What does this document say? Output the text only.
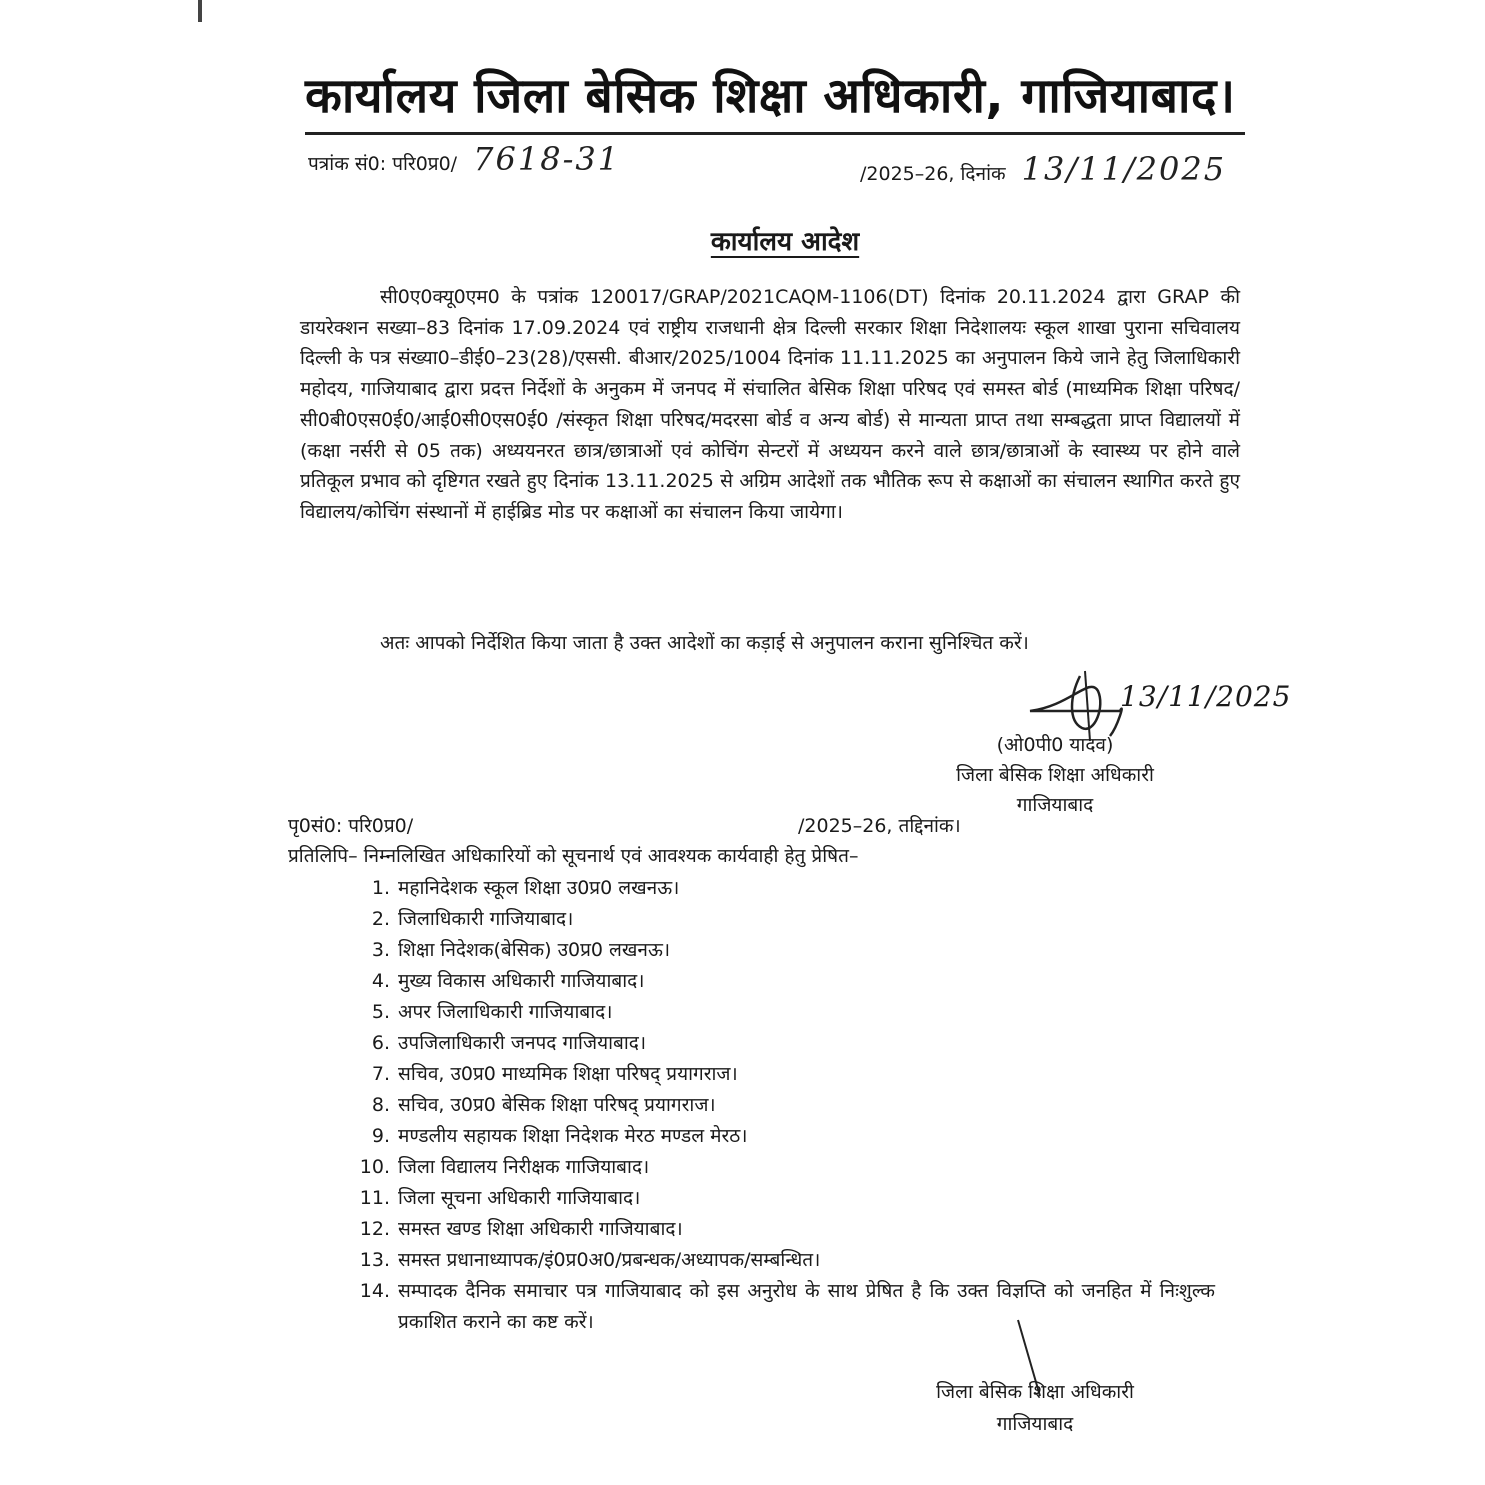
कार्यालय जिला बेसिक शिक्षा अधिकारी, गाजियाबाद।
पत्रांक सं0: परि0प्र0/ 7618-31	/2025–26, दिनांक 13/11/2025
कार्यालय आदेश

सी0ए0क्यू0एम0 के पत्रांक 120017/GRAP/2021CAQM-1106(DT) दिनांक 20.11.2024 द्वारा GRAP की डायरेक्शन सख्या–83 दिनांक 17.09.2024 एवं राष्ट्रीय राजधानी क्षेत्र दिल्ली सरकार शिक्षा निदेशालयः स्कूल शाखा पुराना सचिवालय दिल्ली के पत्र संख्या0–डीई0–23(28)/एससी. बीआर/2025/1004 दिनांक 11.11.2025 का अनुपालन किये जाने हेतु जिलाधिकारी महोदय, गाजियाबाद द्वारा प्रदत्त निर्देशों के अनुकम में जनपद में संचालित बेसिक शिक्षा परिषद एवं समस्त बोर्ड (माध्यमिक शिक्षा परिषद/सी0बी0एस0ई0/आई0सी0एस0ई0 /संस्कृत शिक्षा परिषद/मदरसा बोर्ड व अन्य बोर्ड) से मान्यता प्राप्त तथा सम्बद्धता प्राप्त विद्यालयों में (कक्षा नर्सरी से 05 तक) अध्ययनरत छात्र/छात्राओं एवं कोचिंग सेन्टरों में अध्ययन करने वाले छात्र/छात्राओं के स्वास्थ्य पर होने वाले प्रतिकूल प्रभाव को दृष्टिगत रखते हुए दिनांक 13.11.2025 से अग्रिम आदेशों तक भौतिक रूप से कक्षाओं का संचालन स्थागित करते हुए विद्यालय/कोचिंग संस्थानों में हाईब्रिड मोड पर कक्षाओं का संचालन किया जायेगा।

अतः आपको निर्देशित किया जाता है उक्त आदेशों का कड़ाई से अनुपालन कराना सुनिश्चित करें।

13/11/2025
(ओ0पी0 यादव)
जिला बेसिक शिक्षा अधिकारी
गाजियाबाद
पृ0सं0: परि0प्र0/	/2025–26, तद्दिनांक।
प्रतिलिपि– निम्नलिखित अधिकारियों को सूचनार्थ एवं आवश्यक कार्यवाही हेतु प्रेषित–
1. महानिदेशक स्कूल शिक्षा उ0प्र0 लखनऊ।
2. जिलाधिकारी गाजियाबाद।
3. शिक्षा निदेशक(बेसिक) उ0प्र0 लखनऊ।
4. मुख्य विकास अधिकारी गाजियाबाद।
5. अपर जिलाधिकारी गाजियाबाद।
6. उपजिलाधिकारी जनपद गाजियाबाद।
7. सचिव, उ0प्र0 माध्यमिक शिक्षा परिषद् प्रयागराज।
8. सचिव, उ0प्र0 बेसिक शिक्षा परिषद् प्रयागराज।
9. मण्डलीय सहायक शिक्षा निदेशक मेरठ मण्डल मेरठ।
10. जिला विद्यालय निरीक्षक गाजियाबाद।
11. जिला सूचना अधिकारी गाजियाबाद।
12. समस्त खण्ड शिक्षा अधिकारी गाजियाबाद।
13. समस्त प्रधानाध्यापक/इं0प्र0अ0/प्रबन्धक/अध्यापक/सम्बन्धित।
14. सम्पादक दैनिक समाचार पत्र गाजियाबाद को इस अनुरोध के साथ प्रेषित है कि उक्त विज्ञप्ति को जनहित में निःशुल्क प्रकाशित कराने का कष्ट करें।
जिला बेसिक शिक्षा अधिकारी
गाजियाबाद
